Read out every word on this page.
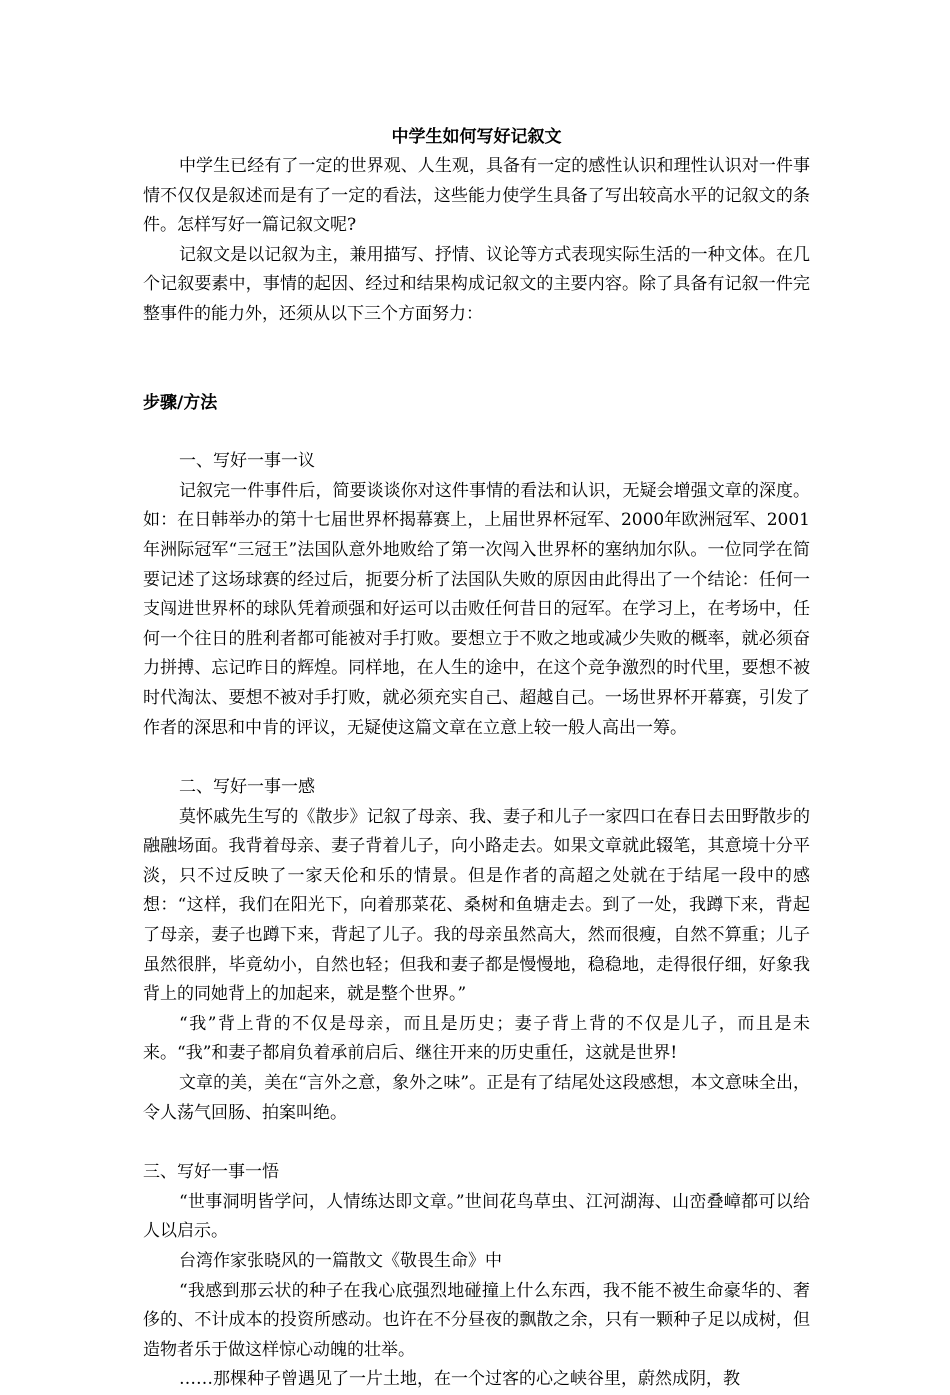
中学生如何写好记叙文

中学生已经有了一定的世界观、人生观，具备有一定的感性认识和理性认识对一件事情不仅仅是叙述而是有了一定的看法，这些能力使学生具备了写出较高水平的记叙文的条件。怎样写好一篇记叙文呢?

记叙文是以记叙为主，兼用描写、抒情、议论等方式表现实际生活的一种文体。在几个记叙要素中，事情的起因、经过和结果构成记叙文的主要内容。除了具备有记叙一件完整事件的能力外，还须从以下三个方面努力：

步骤/方法

一、写好一事一议

记叙完一件事件后，简要谈谈你对这件事情的看法和认识，无疑会增强文章的深度。如：在日韩举办的第十七届世界杯揭幕赛上，上届世界杯冠军、2000年欧洲冠军、2001年洲际冠军“三冠王”法国队意外地败给了第一次闯入世界杯的塞纳加尔队。一位同学在简要记述了这场球赛的经过后，扼要分析了法国队失败的原因由此得出了一个结论：任何一支闯进世界杯的球队凭着顽强和好运可以击败任何昔日的冠军。在学习上，在考场中，任何一个往日的胜利者都可能被对手打败。要想立于不败之地或减少失败的概率，就必须奋力拼搏、忘记昨日的辉煌。同样地，在人生的途中，在这个竞争激烈的时代里，要想不被时代淘汰、要想不被对手打败，就必须充实自己、超越自己。一场世界杯开幕赛，引发了作者的深思和中肯的评议，无疑使这篇文章在立意上较一般人高出一筹。

二、写好一事一感

莫怀戚先生写的《散步》记叙了母亲、我、妻子和儿子一家四口在春日去田野散步的融融场面。我背着母亲、妻子背着儿子，向小路走去。如果文章就此辍笔，其意境十分平淡，只不过反映了一家天伦和乐的情景。但是作者的高超之处就在于结尾一段中的感想：“这样，我们在阳光下，向着那菜花、桑树和鱼塘走去。到了一处，我蹲下来，背起了母亲，妻子也蹲下来，背起了儿子。我的母亲虽然高大，然而很瘦，自然不算重；儿子虽然很胖，毕竟幼小，自然也轻；但我和妻子都是慢慢地，稳稳地，走得很仔细，好象我背上的同她背上的加起来，就是整个世界。”

“我”背上背的不仅是母亲，而且是历史；妻子背上背的不仅是儿子，而且是未来。“我”和妻子都肩负着承前启后、继往开来的历史重任，这就是世界!

文章的美，美在“言外之意，象外之味”。正是有了结尾处这段感想，本文意味全出，令人荡气回肠、拍案叫绝。

三、写好一事一悟

“世事洞明皆学问，人情练达即文章。”世间花鸟草虫、江河湖海、山峦叠嶂都可以给人以启示。

台湾作家张晓风的一篇散文《敬畏生命》中

“我感到那云状的种子在我心底强烈地碰撞上什么东西，我不能不被生命豪华的、奢侈的、不计成本的投资所感动。也许在不分昼夜的飘散之余，只有一颗种子足以成树，但造物者乐于做这样惊心动魄的壮举。

……那棵种子曾遇见了一片土地，在一个过客的心之峡谷里，蔚然成阴，教
